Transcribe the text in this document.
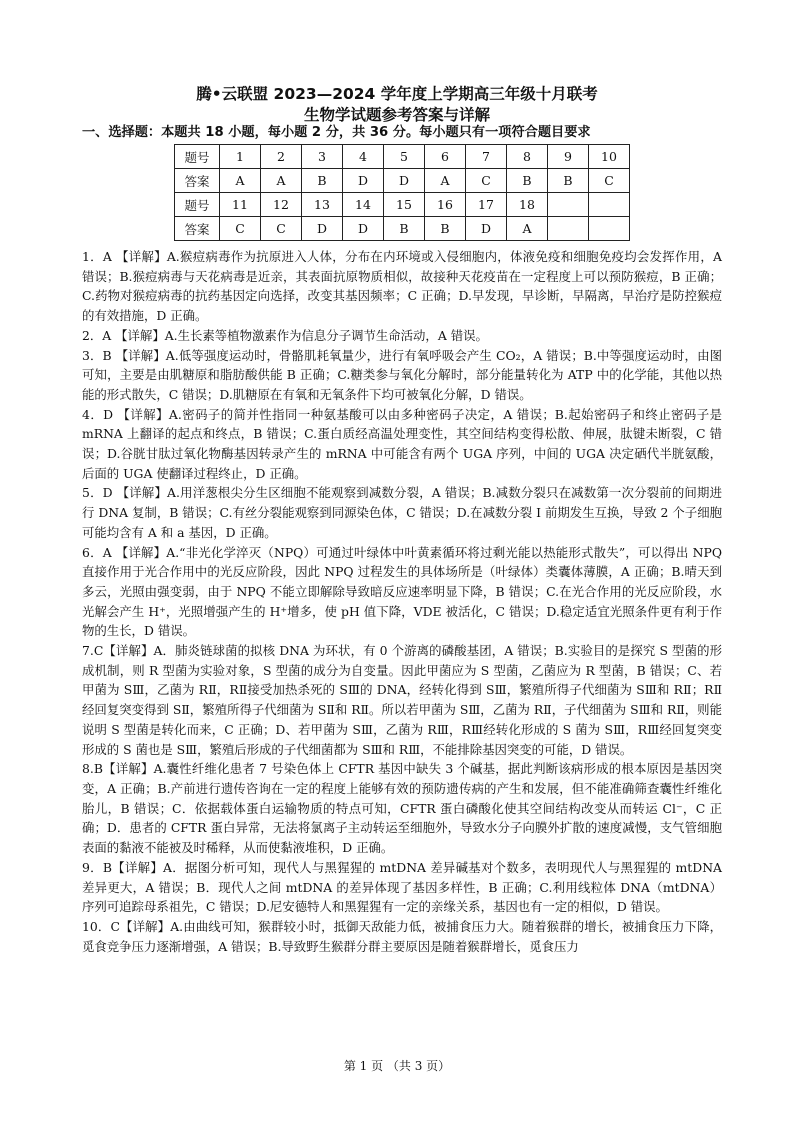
腾•云联盟 2023—2024 学年度上学期高三年级十月联考
生物学试题参考答案与详解
一、选择题：本题共 18 小题，每小题 2 分，共 36 分。每小题只有一项符合题目要求
题号	1	2	3	4	5	6	7	8	9	10
答案	A	A	B	D	D	A	C	B	B	C
题号	11	12	13	14	15	16	17	18		
答案	C	C	D	D	B	B	D	A		

1．A 【详解】A.猴痘病毒作为抗原进入人体，分布在内环境或入侵细胞内，体液免疫和细胞免疫均会发挥作用，A 错误；B.猴痘病毒与天花病毒是近亲，其表面抗原物质相似，故接种天花疫苗在一定程度上可以预防猴痘，B 正确；C.药物对猴痘病毒的抗药基因定向选择，改变其基因频率；C 正确；D.早发现，早诊断，早隔离，早治疗是防控猴痘的有效措施，D 正确。

2．A 【详解】A.生长素等植物激素作为信息分子调节生命活动，A 错误。

3．B 【详解】A.低等强度运动时，骨骼肌耗氧量少，进行有氧呼吸会产生 CO₂，A 错误；B.中等强度运动时，由图可知，主要是由肌糖原和脂肪酸供能 B 正确；C.糖类参与氧化分解时，部分能量转化为 ATP 中的化学能，其他以热能的形式散失，C 错误；D.肌糖原在有氧和无氧条件下均可被氧化分解，D 错误。

4．D 【详解】A.密码子的简并性指同一种氨基酸可以由多种密码子决定，A 错误；B.起始密码子和终止密码子是 mRNA 上翻译的起点和终点，B 错误；C.蛋白质经高温处理变性，其空间结构变得松散、伸展，肽键未断裂，C 错误；D.谷胱甘肽过氧化物酶基因转录产生的 mRNA 中可能含有两个 UGA 序列，中间的 UGA 决定硒代半胱氨酸，后面的 UGA 使翻译过程终止，D 正确。

5．D 【详解】A.用洋葱根尖分生区细胞不能观察到减数分裂，A 错误；B.减数分裂只在减数第一次分裂前的间期进行 DNA 复制，B 错误；C.有丝分裂能观察到同源染色体，C 错误；D.在减数分裂 Ⅰ 前期发生互换，导致 2 个子细胞可能均含有 A 和 a 基因，D 正确。

6．A 【详解】A.“非光化学淬灭（NPQ）可通过叶绿体中叶黄素循环将过剩光能以热能形式散失”，可以得出 NPQ 直接作用于光合作用中的光反应阶段，因此 NPQ 过程发生的具体场所是（叶绿体）类囊体薄膜，A 正确；B.晴天到多云，光照由强变弱，由于 NPQ 不能立即解除导致暗反应速率明显下降，B 错误；C.在光合作用的光反应阶段，水光解会产生 H⁺，光照增强产生的 H⁺增多，使 pH 值下降，VDE 被活化，C 错误；D.稳定适宜光照条件更有利于作物的生长，D 错误。

7.C【详解】A．肺炎链球菌的拟核 DNA 为环状，有 0 个游离的磷酸基团，A 错误；B.实验目的是探究 S 型菌的形成机制，则 R 型菌为实验对象，S 型菌的成分为自变量。因此甲菌应为 S 型菌，乙菌应为 R 型菌，B 错误；C、若甲菌为 SⅢ，乙菌为 RⅡ，RⅡ接受加热杀死的 SⅢ的 DNA，经转化得到 SⅢ，繁殖所得子代细菌为 SⅢ和 RⅡ；RⅡ经回复突变得到 SⅡ，繁殖所得子代细菌为 SⅡ和 RⅡ。所以若甲菌为 SⅢ，乙菌为 RⅡ，子代细菌为 SⅢ和 RⅡ，则能说明 S 型菌是转化而来，C 正确；D、若甲菌为 SⅢ，乙菌为 RⅢ，RⅢ经转化形成的 S 菌为 SⅢ，RⅢ经回复突变形成的 S 菌也是 SⅢ，繁殖后形成的子代细菌都为 SⅢ和 RⅢ，不能排除基因突变的可能，D 错误。

8.B【详解】A.囊性纤维化患者 7 号染色体上 CFTR 基因中缺失 3 个碱基，据此判断该病形成的根本原因是基因突变，A 正确；B.产前进行遗传咨询在一定的程度上能够有效的预防遗传病的产生和发展，但不能准确筛查囊性纤维化胎儿，B 错误；C．依据载体蛋白运输物质的特点可知，CFTR 蛋白磷酸化使其空间结构改变从而转运 Cl⁻，C 正确；D．患者的 CFTR 蛋白异常，无法将氯离子主动转运至细胞外，导致水分子向膜外扩散的速度减慢，支气管细胞表面的黏液不能被及时稀释，从而使黏液堆积，D 正确。

9．B【详解】A．据图分析可知，现代人与黑猩猩的 mtDNA 差异碱基对个数多，表明现代人与黑猩猩的 mtDNA 差异更大，A 错误；B．现代人之间 mtDNA 的差异体现了基因多样性，B 正确；C.利用线粒体 DNA（mtDNA）序列可追踪母系祖先，C 错误；D.尼安德特人和黑猩猩有一定的亲缘关系，基因也有一定的相似，D 错误。

10．C【详解】A.由曲线可知，猴群较小时，抵御天敌能力低，被捕食压力大。随着猴群的增长，被捕食压力下降，觅食竞争压力逐渐增强，A 错误；B.导致野生猴群分群主要原因是随着猴群增长，觅食压力

第 1 页 （共 3 页）
